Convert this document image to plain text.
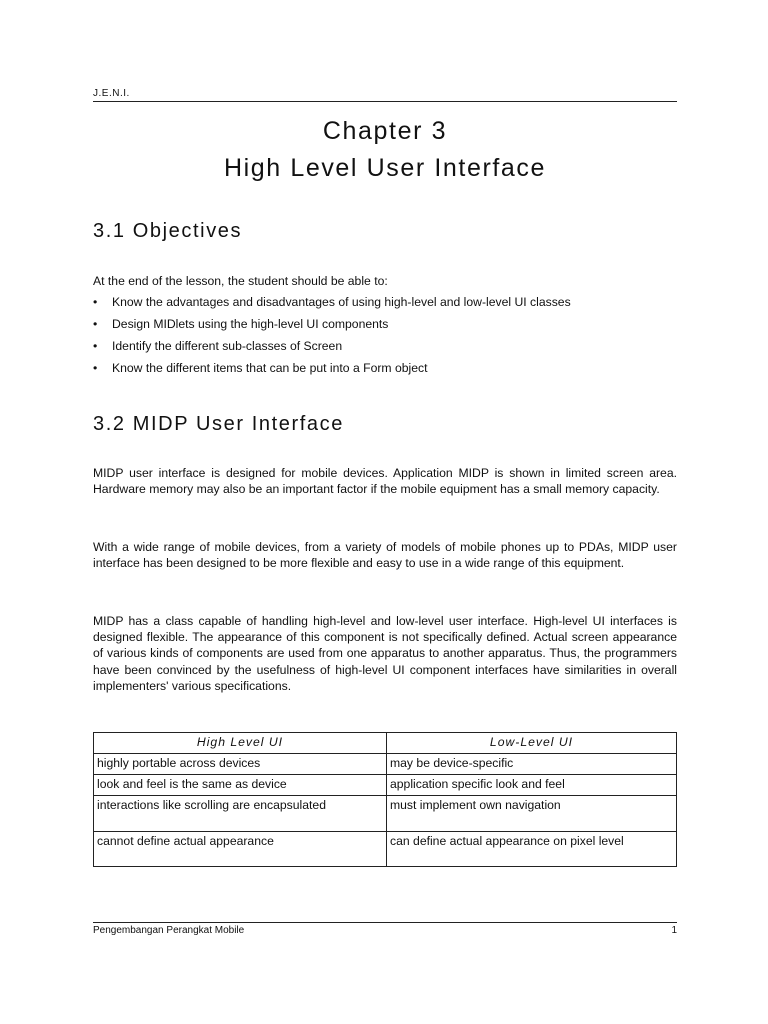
J.E.N.I.
Chapter 3
High Level User Interface
3.1 Objectives
At the end of the lesson, the student should be able to:
• Know the advantages and disadvantages of using high-level and low-level UI classes
• Design MIDlets using the high-level UI components
• Identify the different sub-classes of Screen
• Know the different items that can be put into a Form object
3.2 MIDP User Interface
MIDP user interface is designed for mobile devices. Application MIDP is shown in limited screen area. Hardware memory may also be an important factor if the mobile equipment has a small memory capacity.
With a wide range of mobile devices, from a variety of models of mobile phones up to PDAs, MIDP user interface has been designed to be more flexible and easy to use in a wide range of this equipment.
MIDP has a class capable of handling high-level and low-level user interface. High-level UI interfaces is designed flexible. The appearance of this component is not specifically defined. Actual screen appearance of various kinds of components are used from one apparatus to another apparatus. Thus, the programmers have been convinced by the usefulness of high-level UI component interfaces have similarities in overall implementers' various specifications.
High Level UI	Low-Level UI
highly portable across devices	may be device-specific
look and feel is the same as device	application specific look and feel
interactions like scrolling are encapsulated	must implement own navigation
cannot define actual appearance	can define actual appearance on pixel level
Pengembangan Perangkat Mobile	1
